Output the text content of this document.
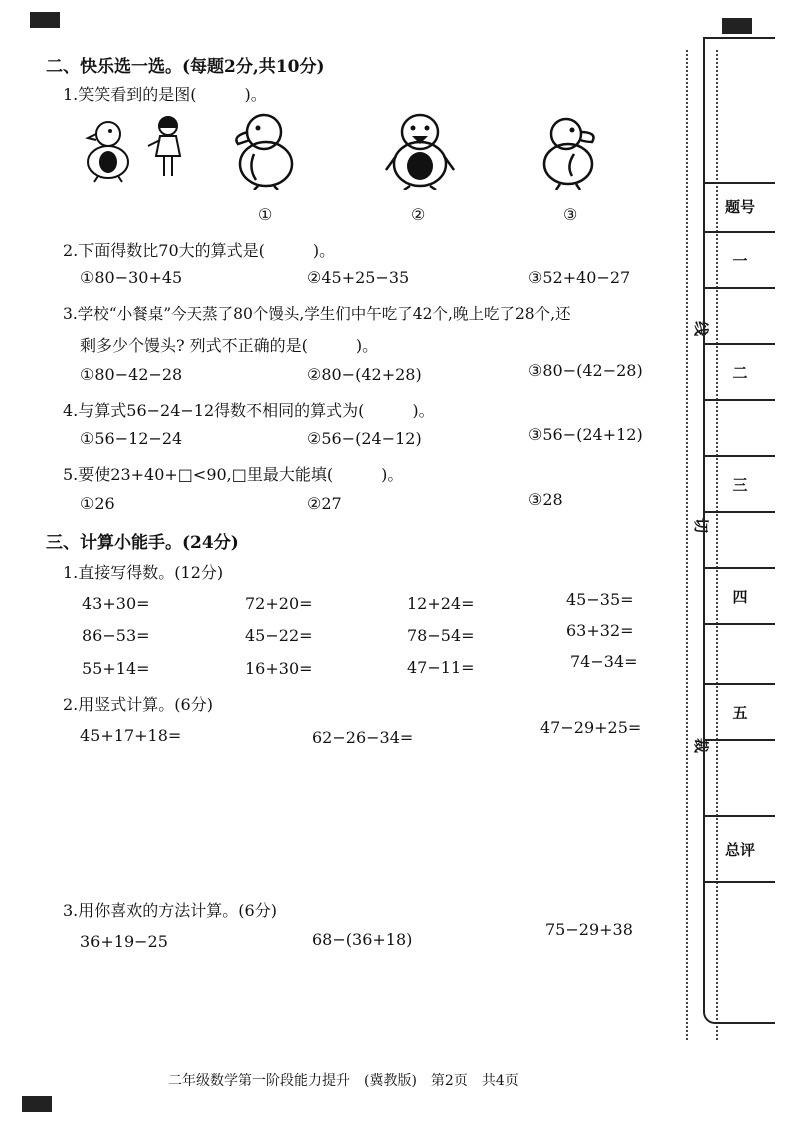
二、快乐选一选。(每题2分,共10分)
1.笑笑看到的是图(　　　)。
①	②	③
2.下面得数比70大的算式是(　　　)。
①80−30+45	②45+25−35	③52+40−27
3.学校“小餐桌”今天蒸了80个馒头,学生们中午吃了42个,晚上吃了28个,还
剩多少个馒头? 列式不正确的是(　　　)。
①80−42−28	②80−(42+28)	③80−(42−28)
4.与算式56−24−12得数不相同的算式为(　　　)。
①56−12−24	②56−(24−12)	③56−(24+12)
5.要使23+40+□<90,□里最大能填(　　　)。
①26	②27	③28
三、计算小能手。(24分)
1.直接写得数。(12分)
43+30=	72+20=	12+24=	45−35=
86−53=	45−22=	78−54=	63+32=
55+14=	16+30=	47−11=	74−34=
2.用竖式计算。(6分)
45+17+18=	62−26−34=
47−29+25=
3.用你喜欢的方法计算。(6分)
36+19−25	68−(36+18)
75−29+38
线
切
裁
题号
一
二
三
四
五
总评
二年级数学第一阶段能力提升　(冀教版)　第2页　共4页
